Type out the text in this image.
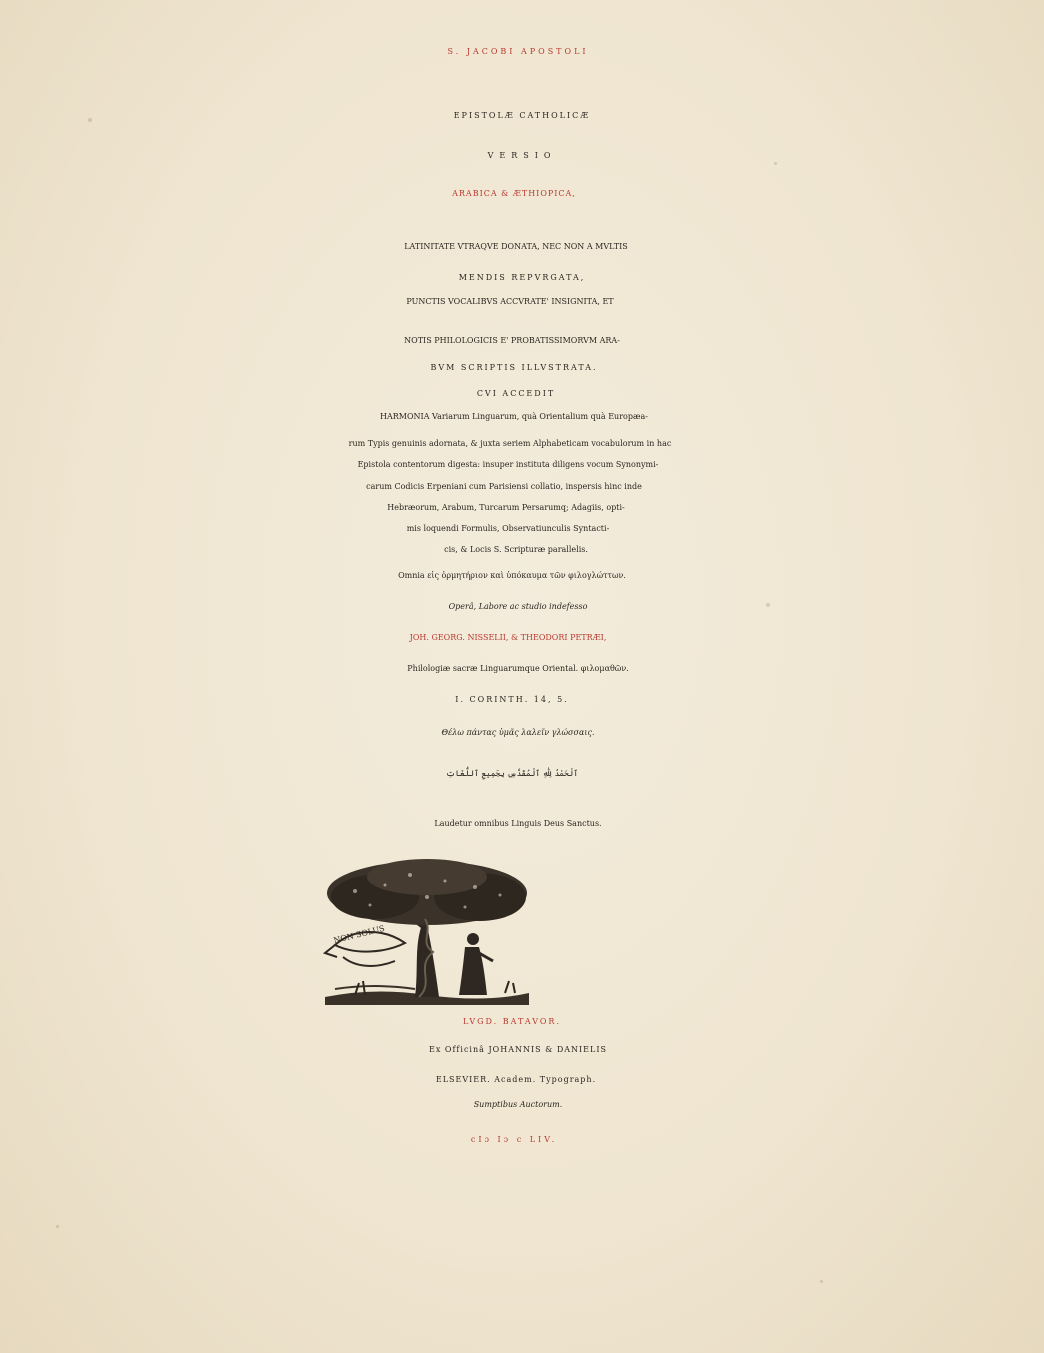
S. JACOBI APOSTOLI
EPISTOLÆ CATHOLICÆ
VERSIO
ARABICA & ÆTHIOPICA,
LATINITATE VTRAQVE DONATA, NEC NON A MVLTIS
MENDIS REPVRGATA,
PUNCTIS VOCALIBVS ACCVRATE' INSIGNITA, ET
NOTIS PHILOLOGICIS E' PROBATISSIMORVM ARA-
BVM SCRIPTIS ILLVSTRATA.
CVI ACCEDIT
HARMONIA Variarum Linguarum, quà Orientalium quà Europæa-
rum Typis genuinis adornata, & juxta seriem Alphabeticam vocabulorum in hac
Epistola contentorum digesta: insuper instituta diligens vocum Synonymi-
carum Codicis Erpeniani cum Parisiensi collatio, inspersis hinc inde
Hebræorum, Arabum, Turcarum Persarumq; Adagiis, opti-
mis loquendi Formulis, Observatiunculis Syntacti-
cis, & Locis S. Scripturæ parallelis.
Omnia εἰς ὁρμητήριον καὶ ὑπόκαυμα τῶν φιλογλώττων.
Operâ, Labore ac studio indefesso
JOH. GEORG. NISSELII, & THEODORI PETRÆI,
Philologiæ sacræ Linguarumque Oriental. φιλομαθῶν.
I. CORINTH. 14, 5.
Θέλω πάντας ὑμᾶς λαλεῖν γλώσσαις.
ٱلْحَمْدُ لِلّٰهِ ٱلْمُقَدَّسِ بِجَمِيعِ ٱللُّغَاتِ
Laudetur omnibus Linguis Deus Sanctus.
NON SOLUS
LVGD. BATAVOR.
Ex Officinâ JOHANNIS & DANIELIS
ELSEVIER. Academ. Typograph.
Sumptibus Auctorum.
cIɔ Iɔ c LIV.
